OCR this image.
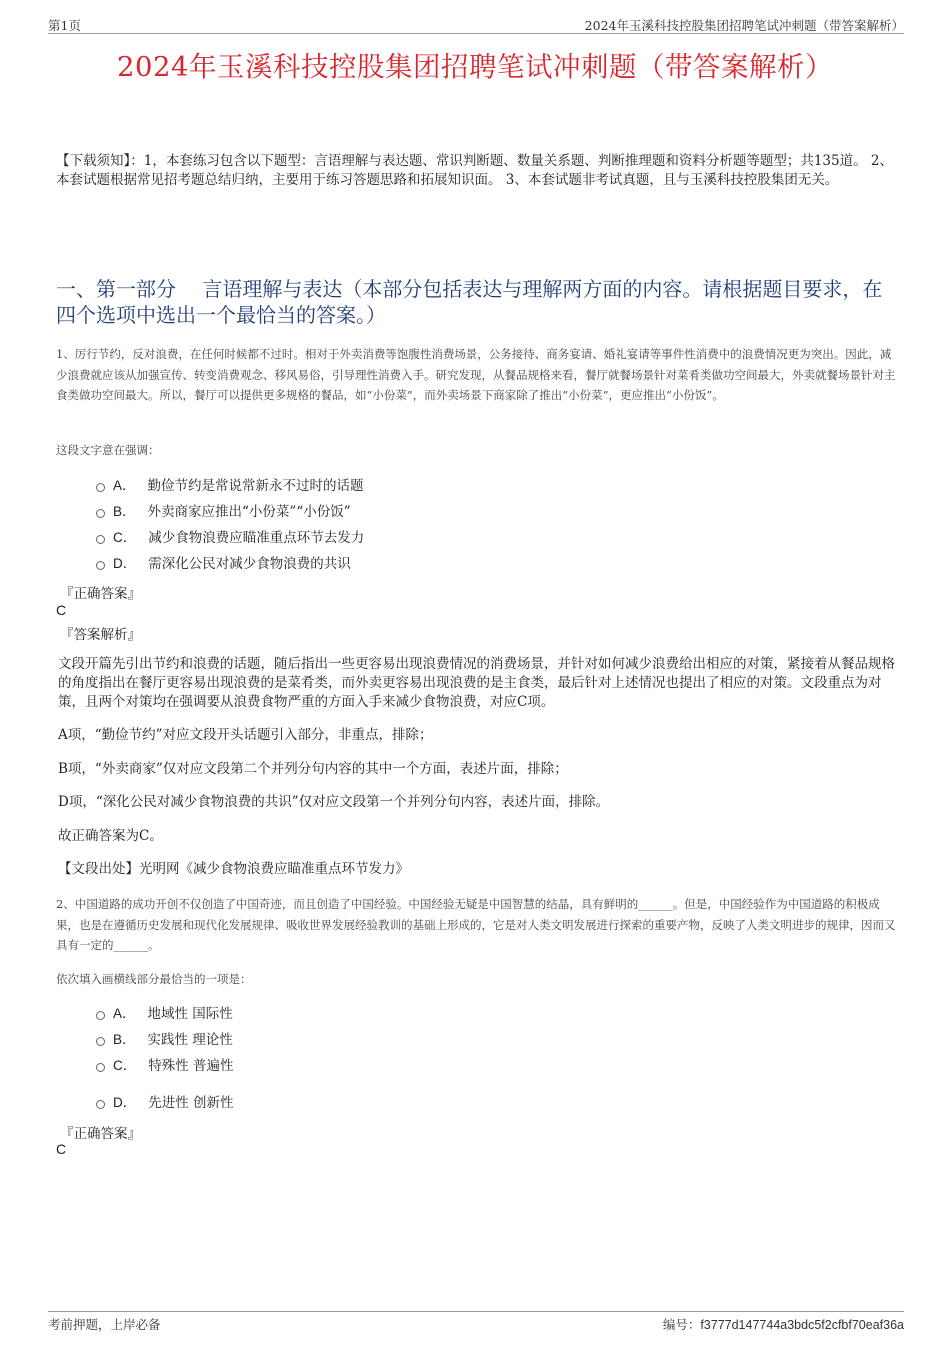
第1页	2024年玉溪科技控股集团招聘笔试冲刺题（带答案解析）
2024年玉溪科技控股集团招聘笔试冲刺题（带答案解析）

【下载须知】：1，本套练习包含以下题型：言语理解与表达题、常识判断题、数量关系题、判断推理题和资料分析题等题型；共135道。 2、本套试题根据常见招考题总结归纳，主要用于练习答题思路和拓展知识面。 3、本套试题非考试真题，且与玉溪科技控股集团无关。

一、第一部分　 言语理解与表达（本部分包括表达与理解两方面的内容。请根据题目要求，在四个选项中选出一个最恰当的答案。）

1、厉行节约，反对浪费，在任何时候都不过时。相对于外卖消费等饱腹性消费场景，公务接待、商务宴请、婚礼宴请等事件性消费中的浪费情况更为突出。因此，减少浪费就应该从加强宣传、转变消费观念、移风易俗，引导理性消费入手。研究发现，从餐品规格来看，餐厅就餐场景针对菜肴类做功空间最大，外卖就餐场景针对主食类做功空间最大。所以，餐厅可以提供更多规格的餐品，如“小份菜”，而外卖场景下商家除了推出“小份菜”，更应推出“小份饭”。

这段文字意在强调：

A． 勤俭节约是常说常新永不过时的话题
B． 外卖商家应推出“小份菜”“小份饭”
C． 减少食物浪费应瞄准重点环节去发力
D． 需深化公民对减少食物浪费的共识
『正确答案』
C
『答案解析』

文段开篇先引出节约和浪费的话题，随后指出一些更容易出现浪费情况的消费场景，并针对如何减少浪费给出相应的对策，紧接着从餐品规格的角度指出在餐厅更容易出现浪费的是菜肴类，而外卖更容易出现浪费的是主食类，最后针对上述情况也提出了相应的对策。文段重点为对策，且两个对策均在强调要从浪费食物严重的方面入手来减少食物浪费，对应C项。

A项，“勤俭节约”对应文段开头话题引入部分，非重点，排除；

B项，“外卖商家”仅对应文段第二个并列分句内容的其中一个方面，表述片面，排除；

D项，“深化公民对减少食物浪费的共识”仅对应文段第一个并列分句内容，表述片面，排除。

故正确答案为C。

【文段出处】光明网《减少食物浪费应瞄准重点环节发力》

2、中国道路的成功开创不仅创造了中国奇迹，而且创造了中国经验。中国经验无疑是中国智慧的结晶，具有鲜明的______。但是，中国经验作为中国道路的积极成果，也是在遵循历史发展和现代化发展规律、吸收世界发展经验教训的基础上形成的，它是对人类文明发展进行探索的重要产物，反映了人类文明进步的规律，因而又具有一定的______。

依次填入画横线部分最恰当的一项是：

A． 地域性 国际性
B． 实践性 理论性
C． 特殊性 普遍性
D． 先进性 创新性
『正确答案』
C
考前押题，上岸必备	编号：f3777d147744a3bdc5f2cfbf70eaf36a
